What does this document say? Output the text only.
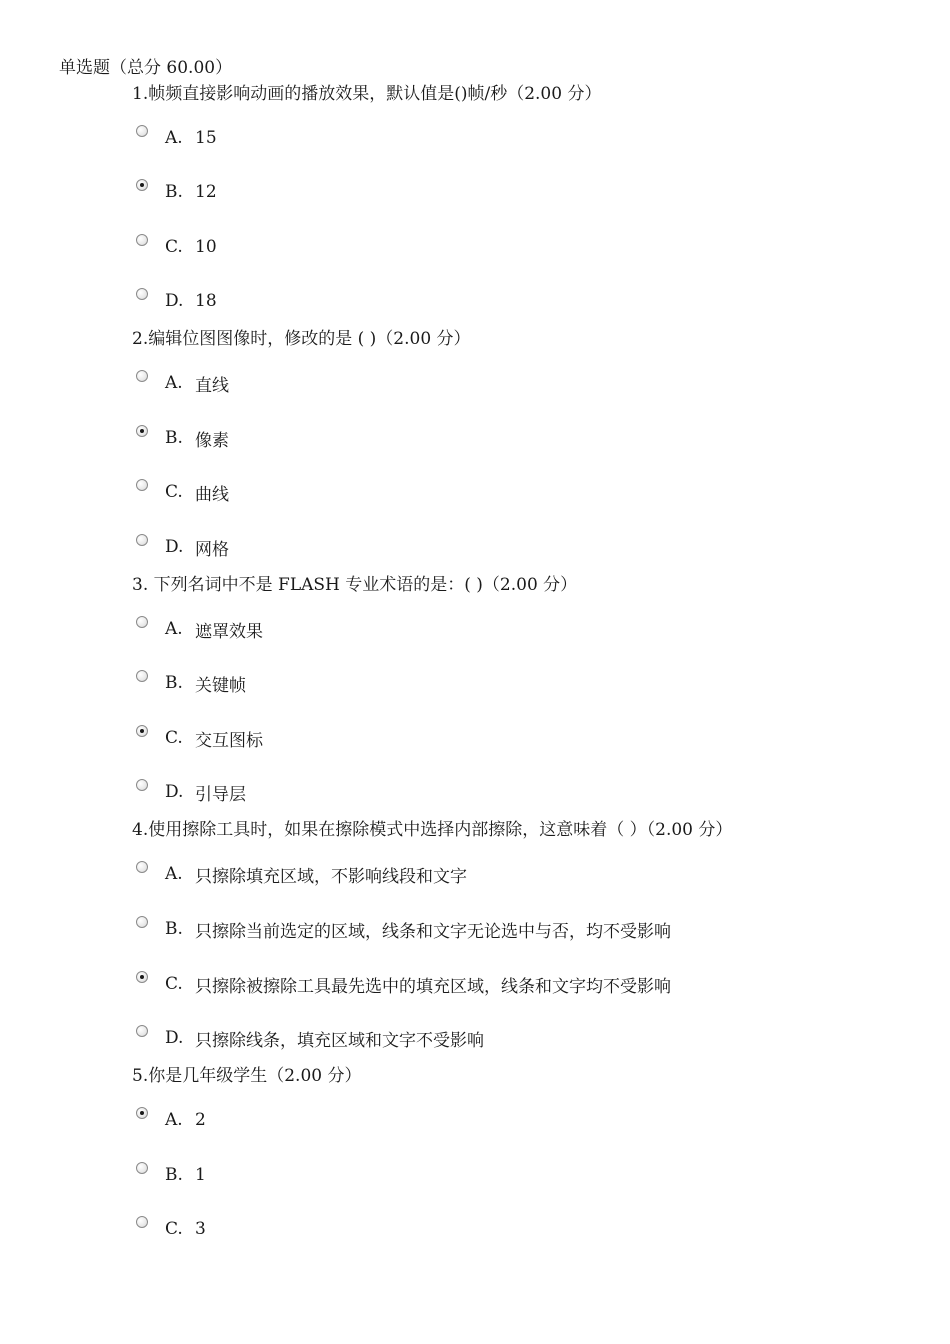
单选题（总分 60.00）
1.帧频直接影响动画的播放效果，默认值是()帧/秒（2.00 分）
A. 15
B. 12
C. 10
D. 18
2.编辑位图图像时，修改的是 ( )（2.00 分）
A. 直线
B. 像素
C. 曲线
D. 网格
3. 下列名词中不是 FLASH 专业术语的是：( )（2.00 分）
A. 遮罩效果
B. 关键帧
C. 交互图标
D. 引导层
4.使用擦除工具时，如果在擦除模式中选择内部擦除，这意味着（ ）（2.00 分）
A. 只擦除填充区域，不影响线段和文字
B. 只擦除当前选定的区域，线条和文字无论选中与否，均不受影响
C. 只擦除被擦除工具最先选中的填充区域，线条和文字均不受影响
D. 只擦除线条，填充区域和文字不受影响
5.你是几年级学生（2.00 分）
A. 2
B. 1
C. 3
